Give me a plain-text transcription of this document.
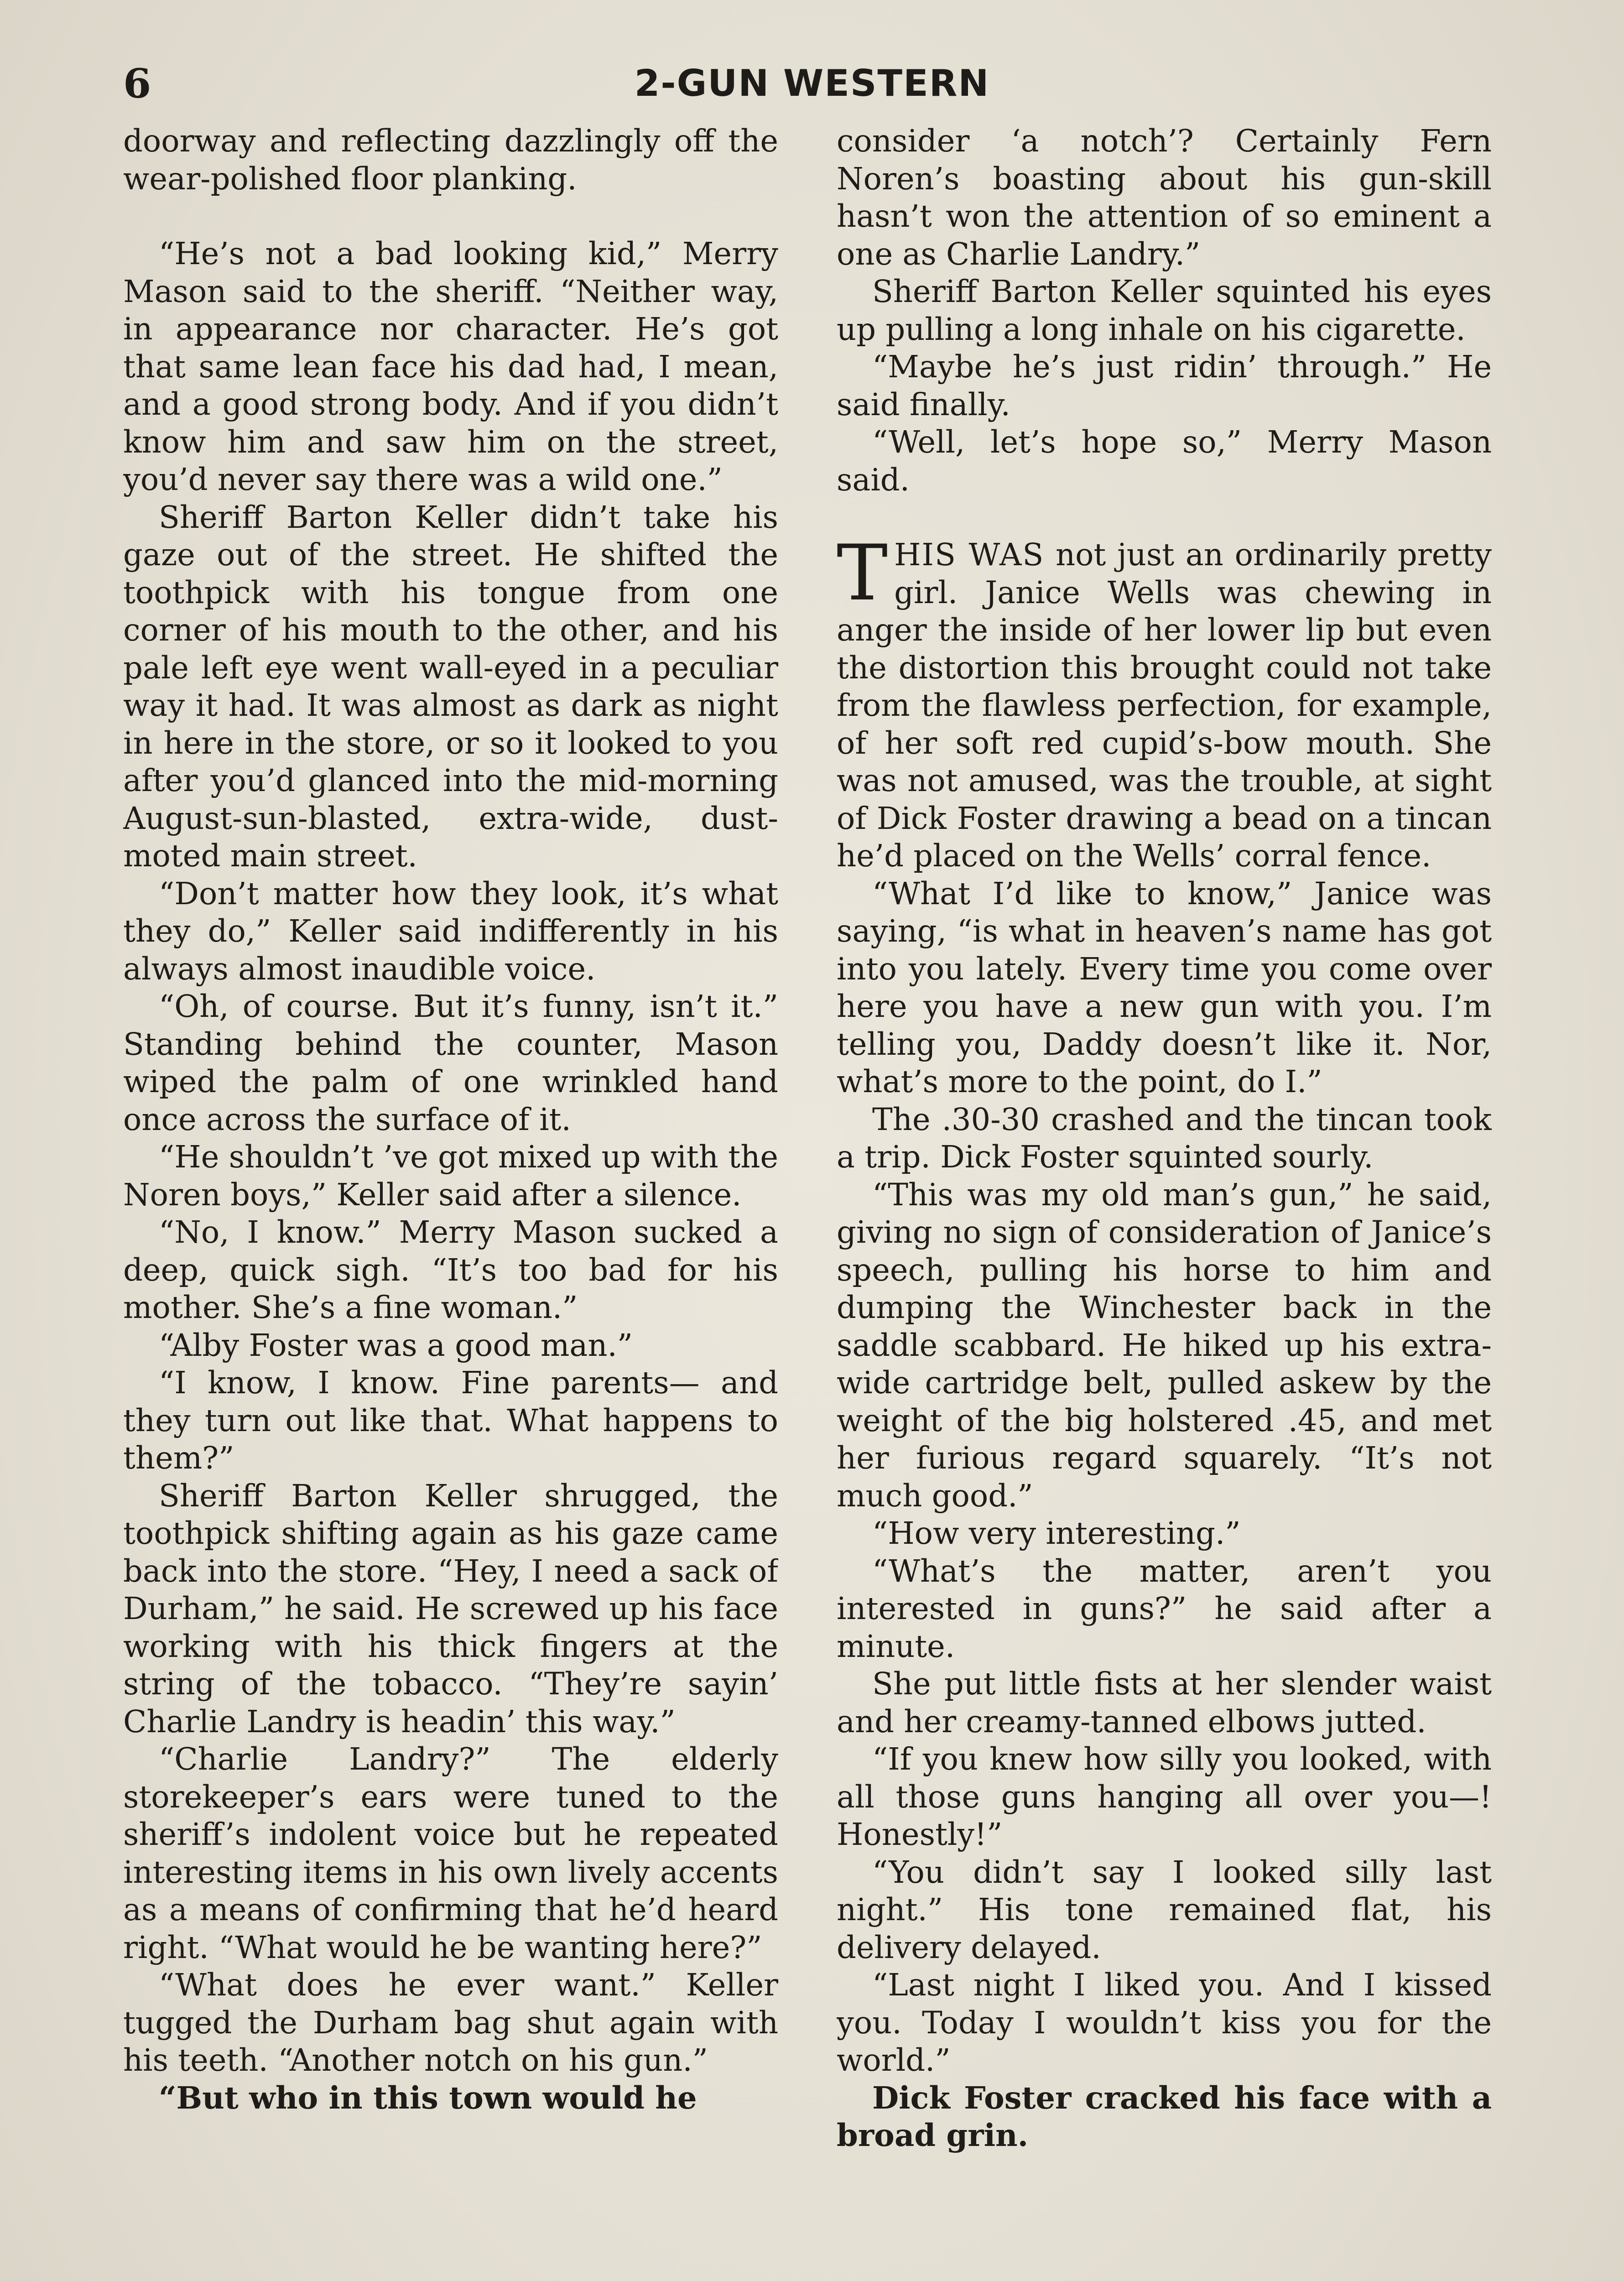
6	2-GUN WESTERN

doorway and reflecting dazzlingly off the wear-polished floor planking.

“He’s not a bad looking kid,” Merry Mason said to the sheriff. “Neither way, in appearance nor character. He’s got that same lean face his dad had, I mean, and a good strong body. And if you didn’t know him and saw him on the street, you’d never say there was a wild one.”

Sheriff Barton Keller didn’t take his gaze out of the street. He shifted the toothpick with his tongue from one corner of his mouth to the other, and his pale left eye went wall-eyed in a peculiar way it had. It was almost as dark as night in here in the store, or so it looked to you after you’d glanced into the mid-morning August-sun-blasted, extra-wide, dust-moted main street.

“Don’t matter how they look, it’s what they do,” Keller said indifferently in his always almost inaudible voice.

“Oh, of course. But it’s funny, isn’t it.” Standing behind the counter, Mason wiped the palm of one wrinkled hand once across the surface of it.

“He shouldn’t ’ve got mixed up with the Noren boys,” Keller said after a silence.

“No, I know.” Merry Mason sucked a deep, quick sigh. “It’s too bad for his mother. She’s a fine woman.”

“Alby Foster was a good man.”

“I know, I know. Fine parents— and they turn out like that. What happens to them?”

Sheriff Barton Keller shrugged, the toothpick shifting again as his gaze came back into the store. “Hey, I need a sack of Durham,” he said. He screwed up his face working with his thick fingers at the string of the tobacco. “They’re sayin’ Charlie Landry is headin’ this way.”

“Charlie Landry?” The elderly storekeeper’s ears were tuned to the sheriff’s indolent voice but he repeated interesting items in his own lively accents as a means of confirming that he’d heard right. “What would he be wanting here?”

“What does he ever want.” Keller tugged the Durham bag shut again with his teeth. “Another notch on his gun.”

“But who in this town would he

consider ‘a notch’? Certainly Fern Noren’s boasting about his gun-skill hasn’t won the attention of so eminent a one as Charlie Landry.”

Sheriff Barton Keller squinted his eyes up pulling a long inhale on his cigarette.

“Maybe he’s just ridin’ through.” He said finally.

“Well, let’s hope so,” Merry Mason said.

THIS WAS not just an ordinarily pretty girl. Janice Wells was chewing in anger the inside of her lower lip but even the distortion this brought could not take from the flawless perfection, for example, of her soft red cupid’s-bow mouth. She was not amused, was the trouble, at sight of Dick Foster drawing a bead on a tincan he’d placed on the Wells’ corral fence.

“What I’d like to know,” Janice was saying, “is what in heaven’s name has got into you lately. Every time you come over here you have a new gun with you. I’m telling you, Daddy doesn’t like it. Nor, what’s more to the point, do I.”

The .30-30 crashed and the tincan took a trip. Dick Foster squinted sourly.

“This was my old man’s gun,” he said, giving no sign of consideration of Janice’s speech, pulling his horse to him and dumping the Winchester back in the saddle scabbard. He hiked up his extra-wide cartridge belt, pulled askew by the weight of the big holstered .45, and met her furious regard squarely. “It’s not much good.”

“How very interesting.”

“What’s the matter, aren’t you interested in guns?” he said after a minute.

She put little fists at her slender waist and her creamy-tanned elbows jutted.

“If you knew how silly you looked, with all those guns hanging all over you—! Honestly!”

“You didn’t say I looked silly last night.” His tone remained flat, his delivery delayed.

“Last night I liked you. And I kissed you. Today I wouldn’t kiss you for the world.”

Dick Foster cracked his face with a broad grin.
